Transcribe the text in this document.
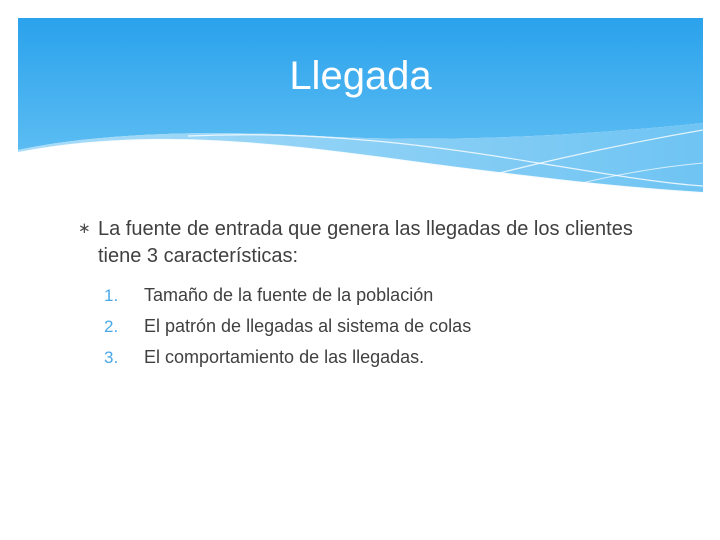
Llegada
∗ La fuente de entrada que genera las llegadas de los clientes tiene 3 características:
1. Tamaño de la fuente de la población
2. El patrón de llegadas al sistema de colas
3. El comportamiento de las llegadas.
